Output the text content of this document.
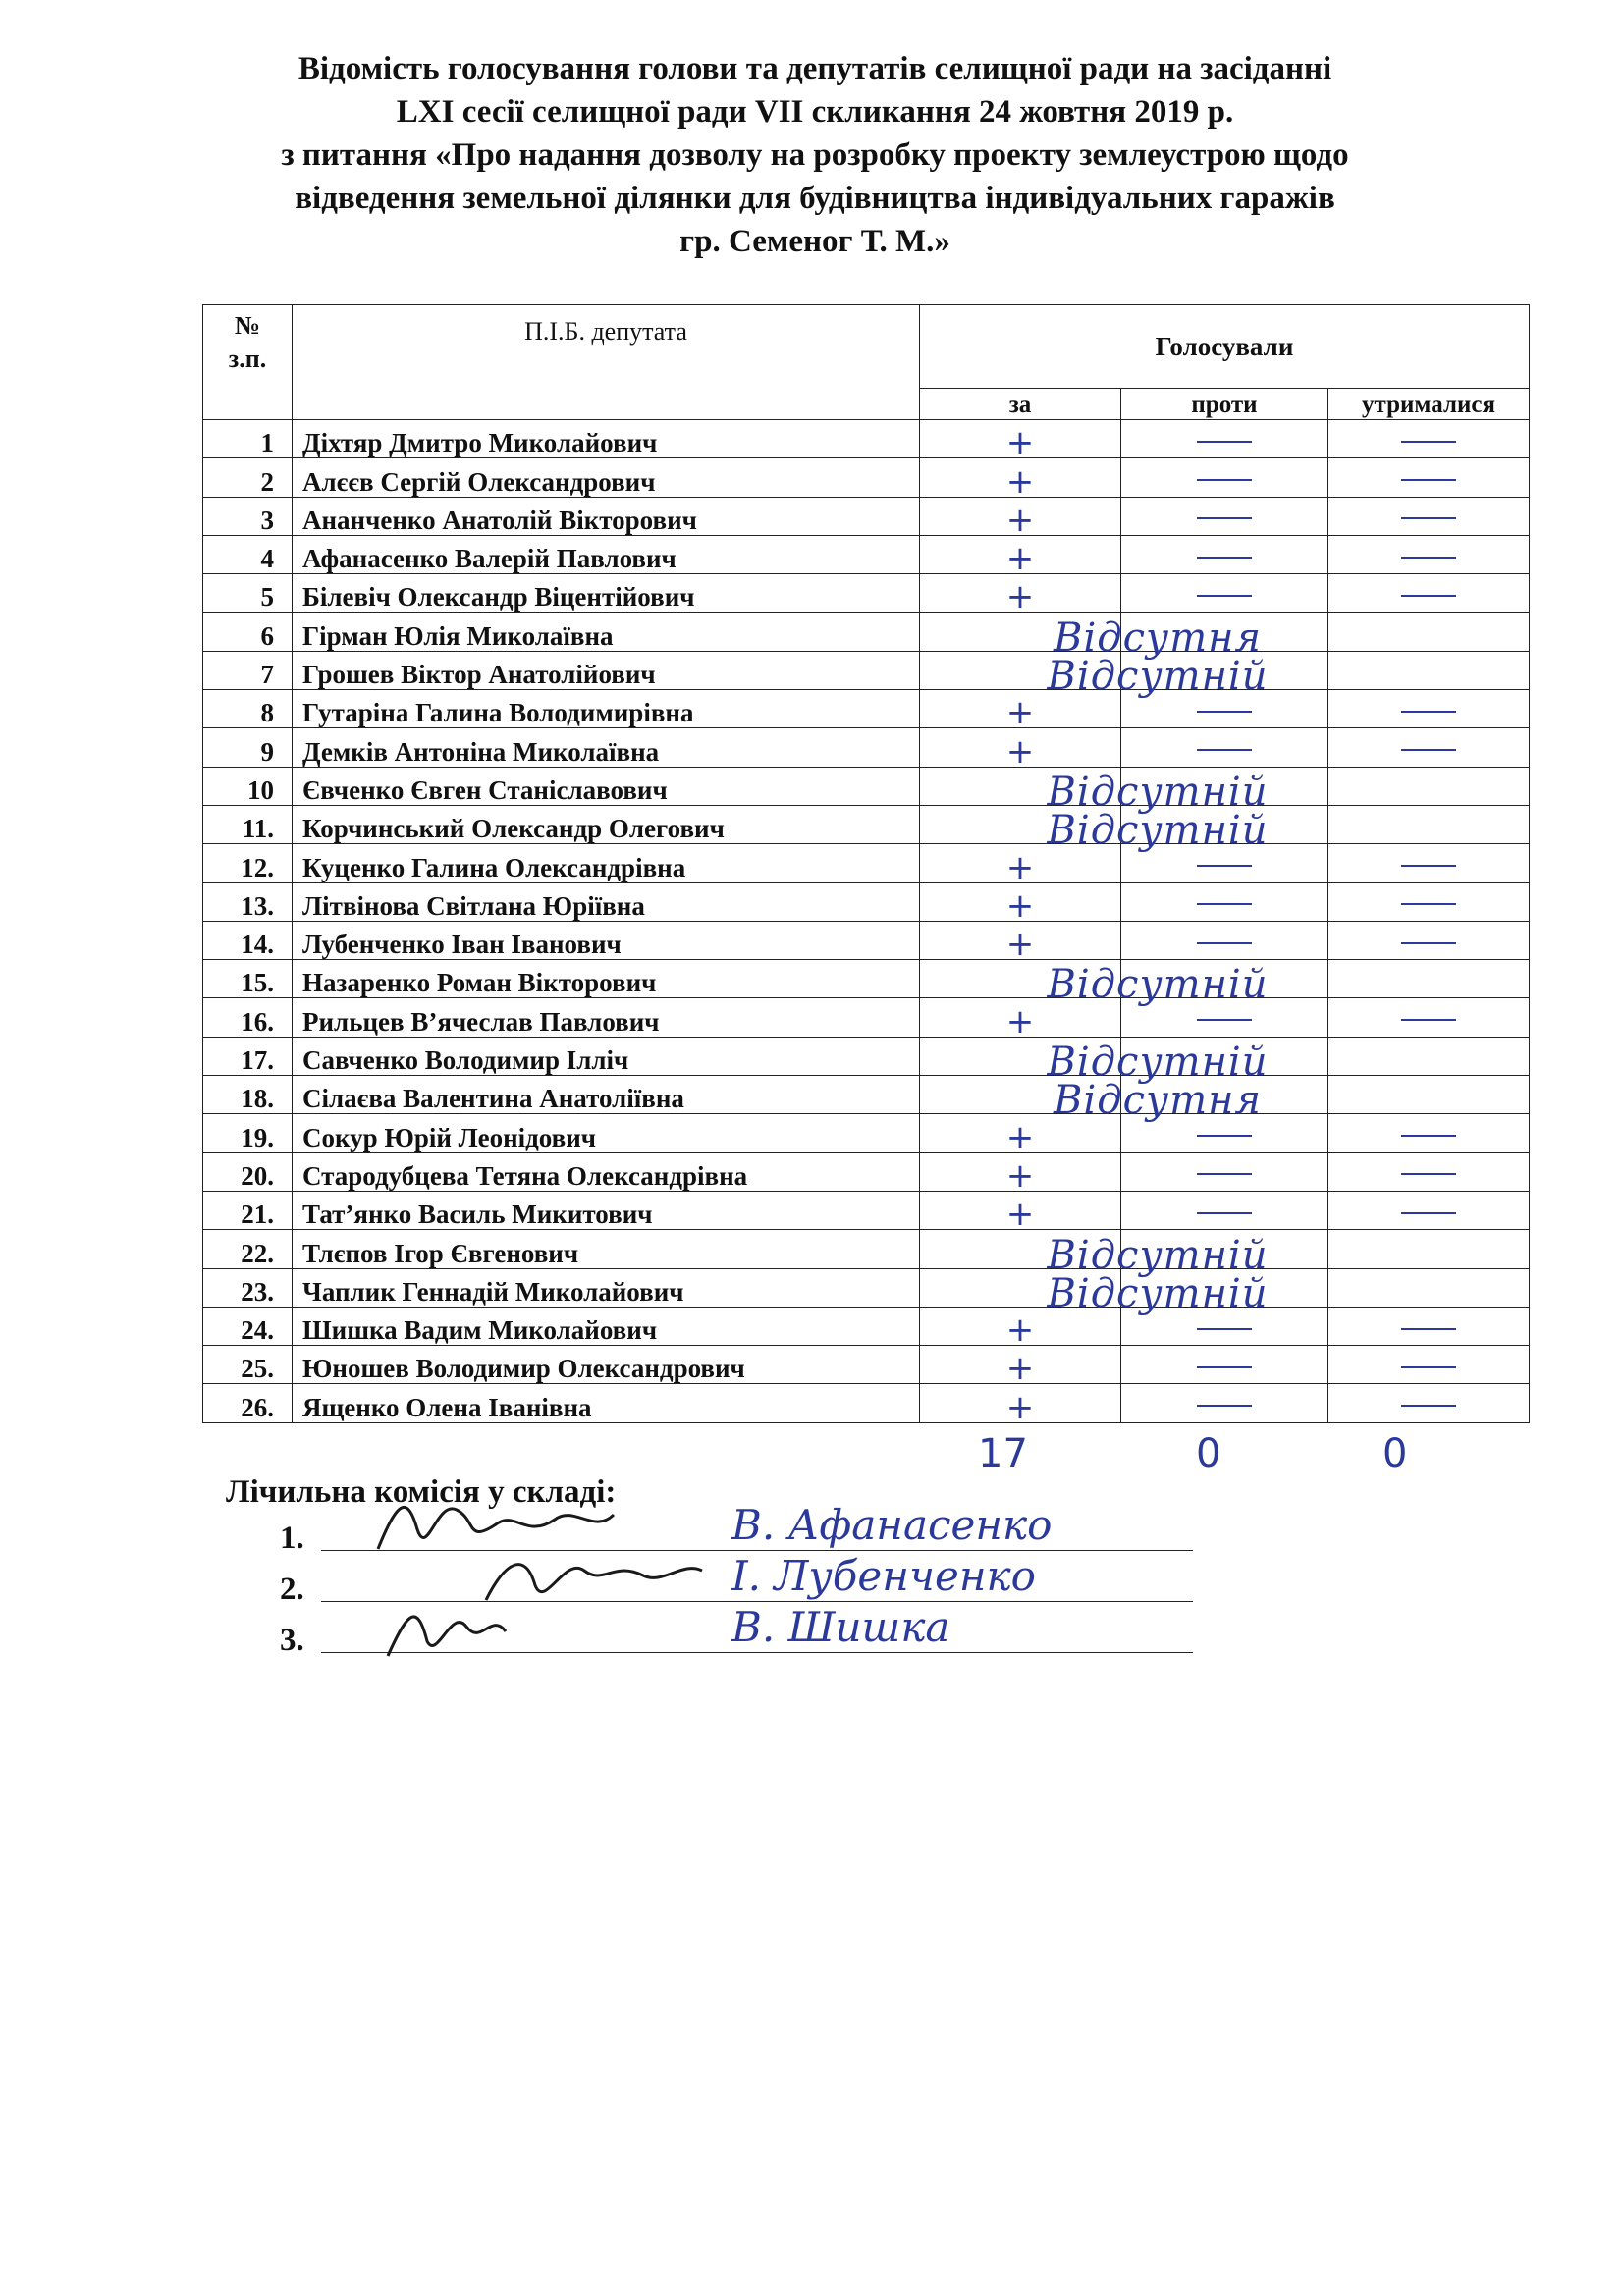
Відомість голосування голови та депутатів селищної ради на засіданні
LXI сесії селищної ради VII скликання 24 жовтня 2019 р.
з питання «Про надання дозволу на розробку проекту землеустрою щодо
відведення земельної ділянки для будівництва індивідуальних гаражів
гр. Семеног Т. М.»
№
з.п.	П.І.Б. депутата	Голосували		
		за	проти	утрималися
1	Діхтяр Дмитро Миколайович	+		
2	Алєєв Сергій Олександрович	+		
3	Ананченко Анатолій Вікторович	+		
4	Афанасенко Валерій Павлович	+		
5	Білевіч Олександр Віцентійович	+		
6	Гірман Юлія Миколаївна	Відсутня		

7	Грошев Віктор Анатолійович	Відсутній		

8	Гутаріна Галина Володимирівна	+		
9	Демків Антоніна Миколаївна	+		
10	Євченко Євген Станіславович	Відсутній		

11.	Корчинський Олександр Олегович	Відсутній		

12.	Куценко Галина Олександрівна	+		
13.	Літвінова Світлана Юріївна	+		
14.	Лубенченко Іван Іванович	+		
15.	Назаренко Роман Вікторович	Відсутній		

16.	Рильцев В’ячеслав Павлович	+		
17.	Савченко Володимир Ілліч	Відсутній		

18.	Сілаєва Валентина Анатоліївна	Відсутня		

19.	Сокур Юрій Леонідович	+		
20.	Стародубцева Тетяна Олександрівна	+		
21.	Тат’янко Василь Микитович	+		
22.	Тлєпов Ігор Євгенович	Відсутній		

23.	Чаплик Геннадій Миколайович	Відсутній		

24.	Шишка Вадим Миколайович	+		
25.	Юношев Володимир Олександрович	+		
26.	Ященко Олена Іванівна	+		
17	0	0
Лічильна комісія у складі:
1.	В. Афанасенко
2.	І. Лубенченко
3.	В. Шишка
